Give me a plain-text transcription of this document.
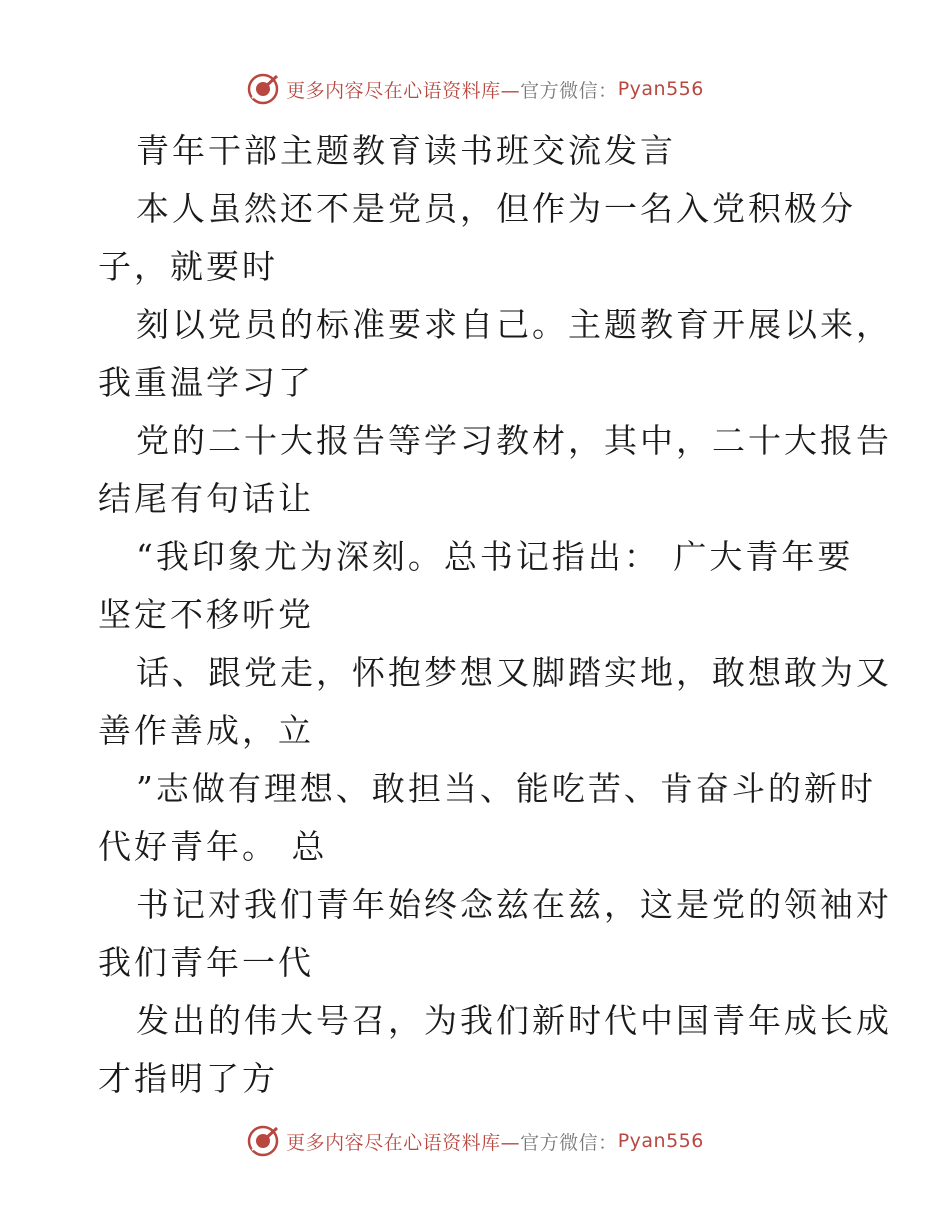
更多内容尽在心语资料库— 官方微信： Pyan556
青年干部主题教育读书班交流发言
本人虽然还不是党员，但作为一名入党积极分
子，就要时
刻以党员的标准要求自己。主题教育开展以来，
我重温学习了
党的二十大报告等学习教材，其中，二十大报告
结尾有句话让
“我印象尤为深刻。总书记指出： 广大青年要
坚定不移听党
话、跟党走，怀抱梦想又脚踏实地，敢想敢为又
善作善成，立
”志做有理想、敢担当、能吃苦、肯奋斗的新时
代好青年。 总
书记对我们青年始终念兹在兹，这是党的领袖对
我们青年一代
发出的伟大号召，为我们新时代中国青年成长成
才指明了方
更多内容尽在心语资料库— 官方微信： Pyan556
